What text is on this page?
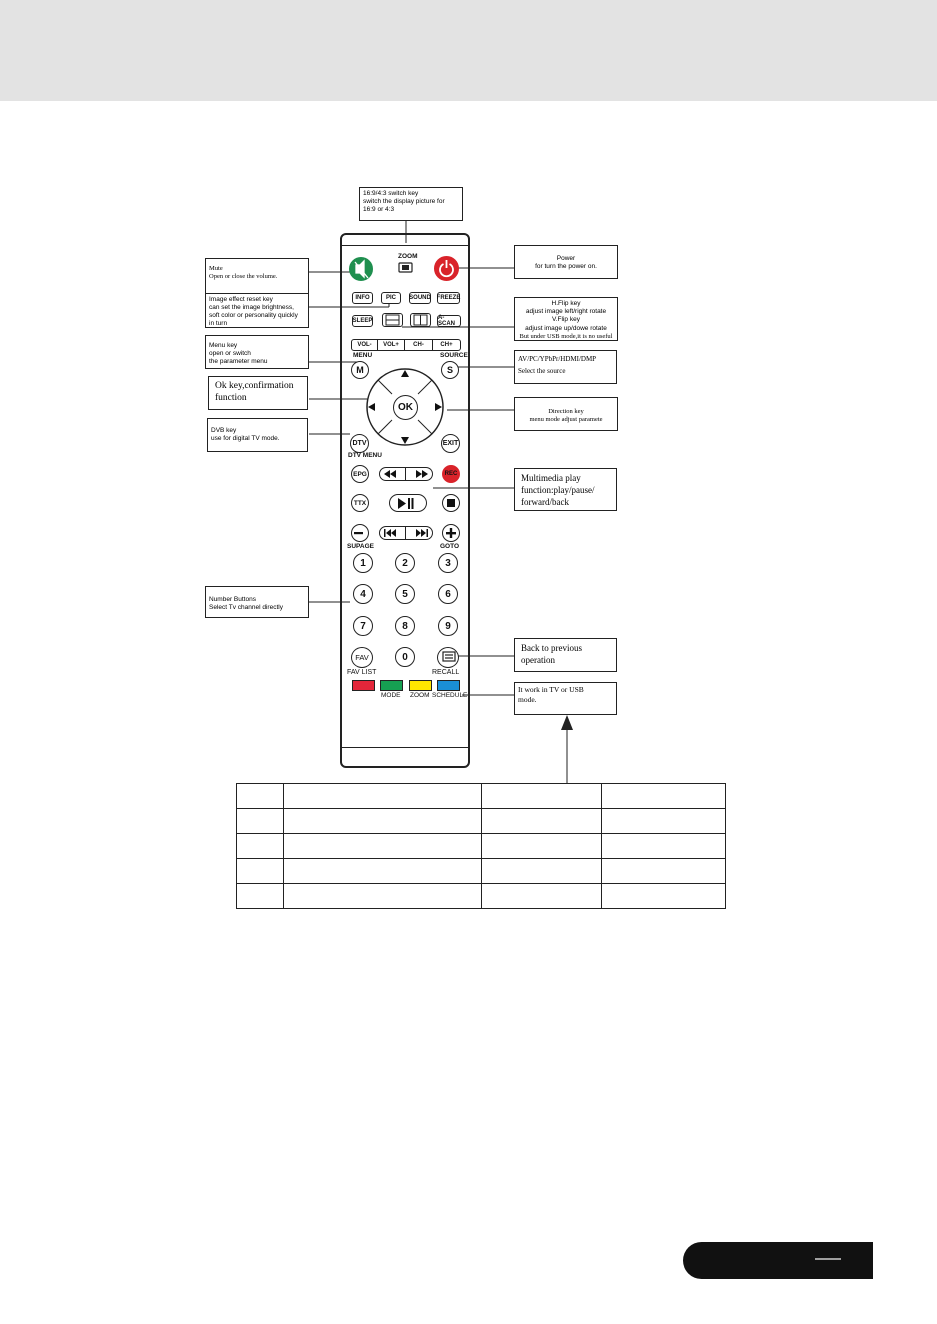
ZOOM
INFO	PIC	SOUND FREEZE
SLEEP	A-SCAN
VOL-	VOL+	CH-	CH+
MENU	SOURCE
M	S
OK
DTV	EXIT
DTV MENU
EPG	REC
TTX
SUPAGE	GOTO
1	2	3
4	5	6
7	8	9
FAV	0
FAV LIST	RECALL
MODE ZOOM SCHEDULE
16:9/4:3 switch key
switch the display picture for
16:9 or 4:3
Mute
Open or close the volume.
Power
for turn the power on.
Image effect reset key
can set the image brightness,
soft color or personality quickly
in turn
H.Flip key
adjust image left/right rotate
V.Flip key
adjust image up/dowe rotate
But under USB mode,it is no useful
Menu key
open or switch
the parameter menu	AV/PC/YPbPr/HDMI/DMP
Select the source
Ok key,confirmation
function
Direction key
menu mode adjust paramete
DVB key
use for digital TV mode.
Multimedia play
function:play/pause/
forward/back
Number Buttons
Select Tv channel directly
Back to previous
operation
It work in TV or USB
mode.
